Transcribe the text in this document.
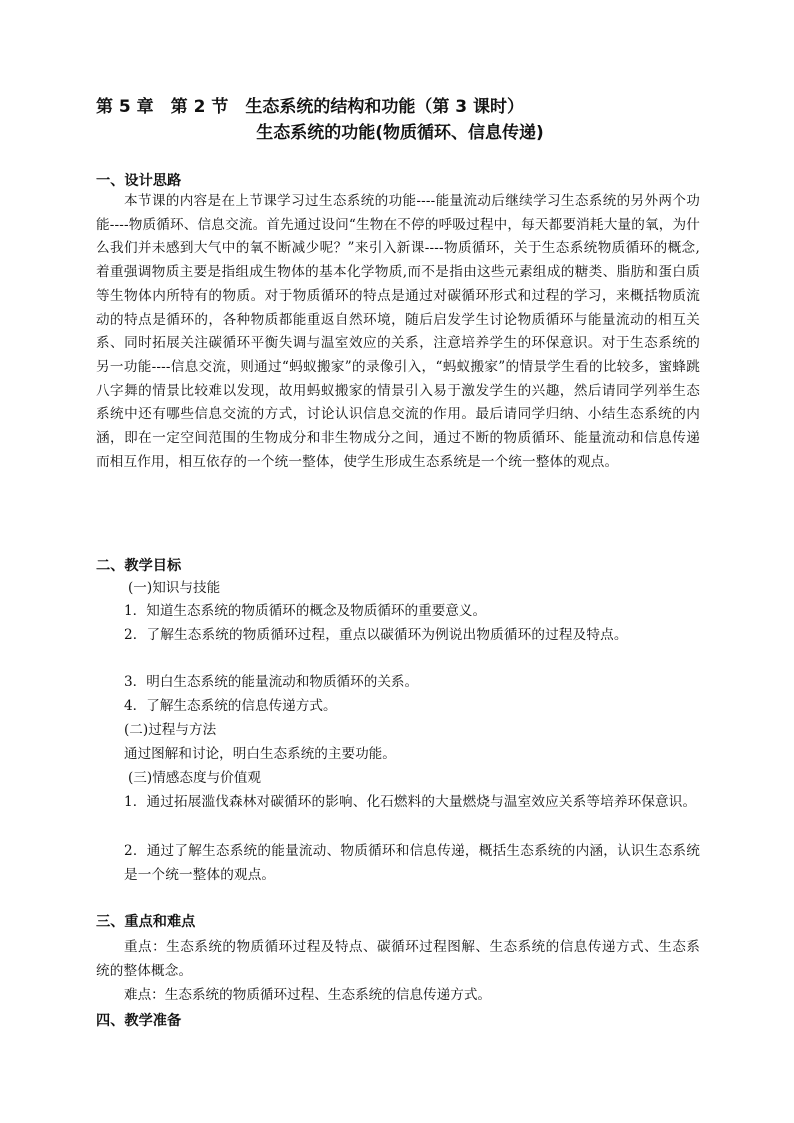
第 5 章　第 2 节　生态系统的结构和功能（第 3 课时）
生态系统的功能(物质循环、信息传递)
一、设计思路
本节课的内容是在上节课学习过生态系统的功能----能量流动后继续学习生态系统的另外两个功能----物质循环、信息交流。首先通过设问“生物在不停的呼吸过程中，每天都要消耗大量的氧，为什么我们并未感到大气中的氧不断减少呢？”来引入新课----物质循环，关于生态系统物质循环的概念,着重强调物质主要是指组成生物体的基本化学物质,而不是指由这些元素组成的糖类、脂肪和蛋白质等生物体内所特有的物质。对于物质循环的特点是通过对碳循环形式和过程的学习，来概括物质流动的特点是循环的，各种物质都能重返自然环境，随后启发学生讨论物质循环与能量流动的相互关系、同时拓展关注碳循环平衡失调与温室效应的关系，注意培养学生的环保意识。对于生态系统的另一功能----信息交流，则通过“蚂蚁搬家”的录像引入，“蚂蚁搬家”的情景学生看的比较多，蜜蜂跳八字舞的情景比较难以发现，故用蚂蚁搬家的情景引入易于激发学生的兴趣，然后请同学列举生态系统中还有哪些信息交流的方式，讨论认识信息交流的作用。最后请同学归纳、小结生态系统的内涵，即在一定空间范围的生物成分和非生物成分之间，通过不断的物质循环、能量流动和信息传递而相互作用，相互依存的一个统一整体，使学生形成生态系统是一个统一整体的观点。
二、教学目标
(一)知识与技能
1．知道生态系统的物质循环的概念及物质循环的重要意义。
2．了解生态系统的物质循环过程，重点以碳循环为例说出物质循环的过程及特点。
3．明白生态系统的能量流动和物质循环的关系。
4．了解生态系统的信息传递方式。
(二)过程与方法
通过图解和讨论，明白生态系统的主要功能。
(三)情感态度与价值观
1．通过拓展滥伐森林对碳循环的影响、化石燃料的大量燃烧与温室效应关系等培养环保意识。
2．通过了解生态系统的能量流动、物质循环和信息传递，概括生态系统的内涵，认识生态系统是一个统一整体的观点。
三、重点和难点
重点：生态系统的物质循环过程及特点、碳循环过程图解、生态系统的信息传递方式、生态系统的整体概念。
难点：生态系统的物质循环过程、生态系统的信息传递方式。
四、教学准备
